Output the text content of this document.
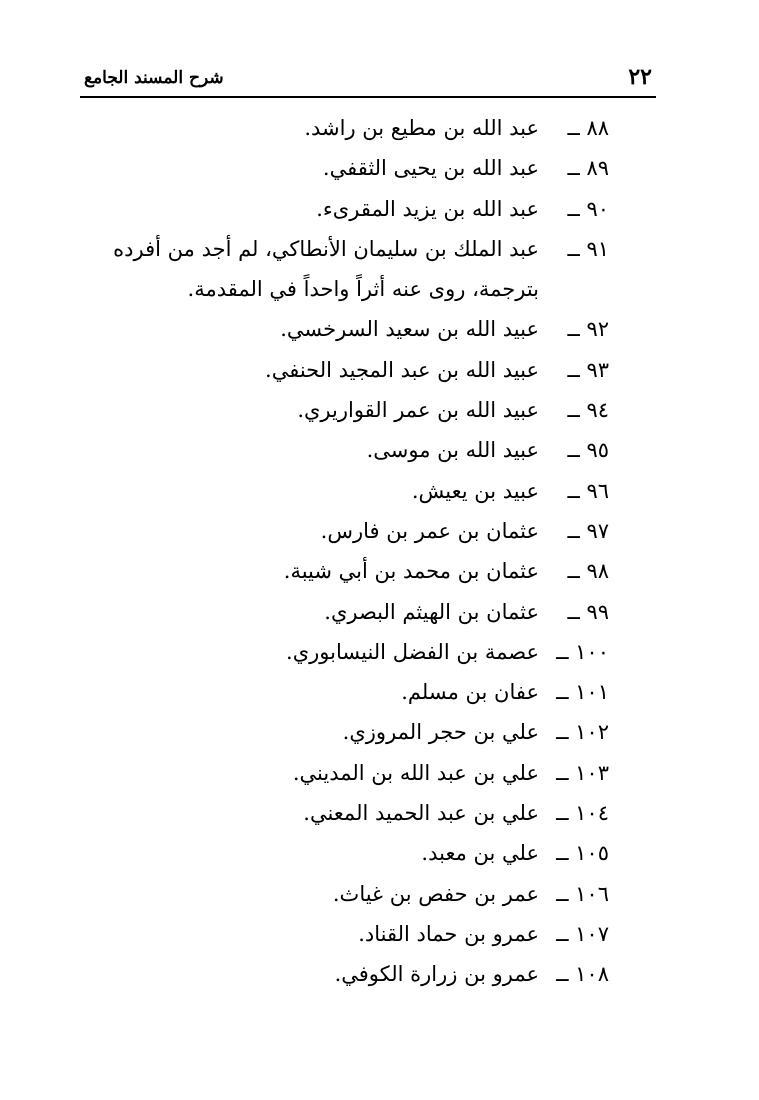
٢٢
شرح المسند الجامع
٨٨ ــ
عبد الله بن مطيع بن راشد.
٨٩ ــ
عبد الله بن يحيى الثقفي.
٩٠ ــ
عبد الله بن يزيد المقرىء.
٩١ ــ
عبد الملك بن سليمان الأنطاكي، لم أجد من أفرده بترجمة، روى عنه أثراً واحداً في المقدمة.
٩٢ ــ
عبيد الله بن سعيد السرخسي.
٩٣ ــ
عبيد الله بن عبد المجيد الحنفي.
٩٤ ــ
عبيد الله بن عمر القواريري.
٩٥ ــ
عبيد الله بن موسى.
٩٦ ــ
عبيد بن يعيش.
٩٧ ــ
عثمان بن عمر بن فارس.
٩٨ ــ
عثمان بن محمد بن أبي شيبة.
٩٩ ــ
عثمان بن الهيثم البصري.
١٠٠ ــ
عصمة بن الفضل النيسابوري.
١٠١ ــ
عفان بن مسلم.
١٠٢ ــ
علي بن حجر المروزي.
١٠٣ ــ
علي بن عبد الله بن المديني.
١٠٤ ــ
علي بن عبد الحميد المعني.
١٠٥ ــ
علي بن معبد.
١٠٦ ــ
عمر بن حفص بن غياث.
١٠٧ ــ
عمرو بن حماد القناد.
١٠٨ ــ
عمرو بن زرارة الكوفي.
